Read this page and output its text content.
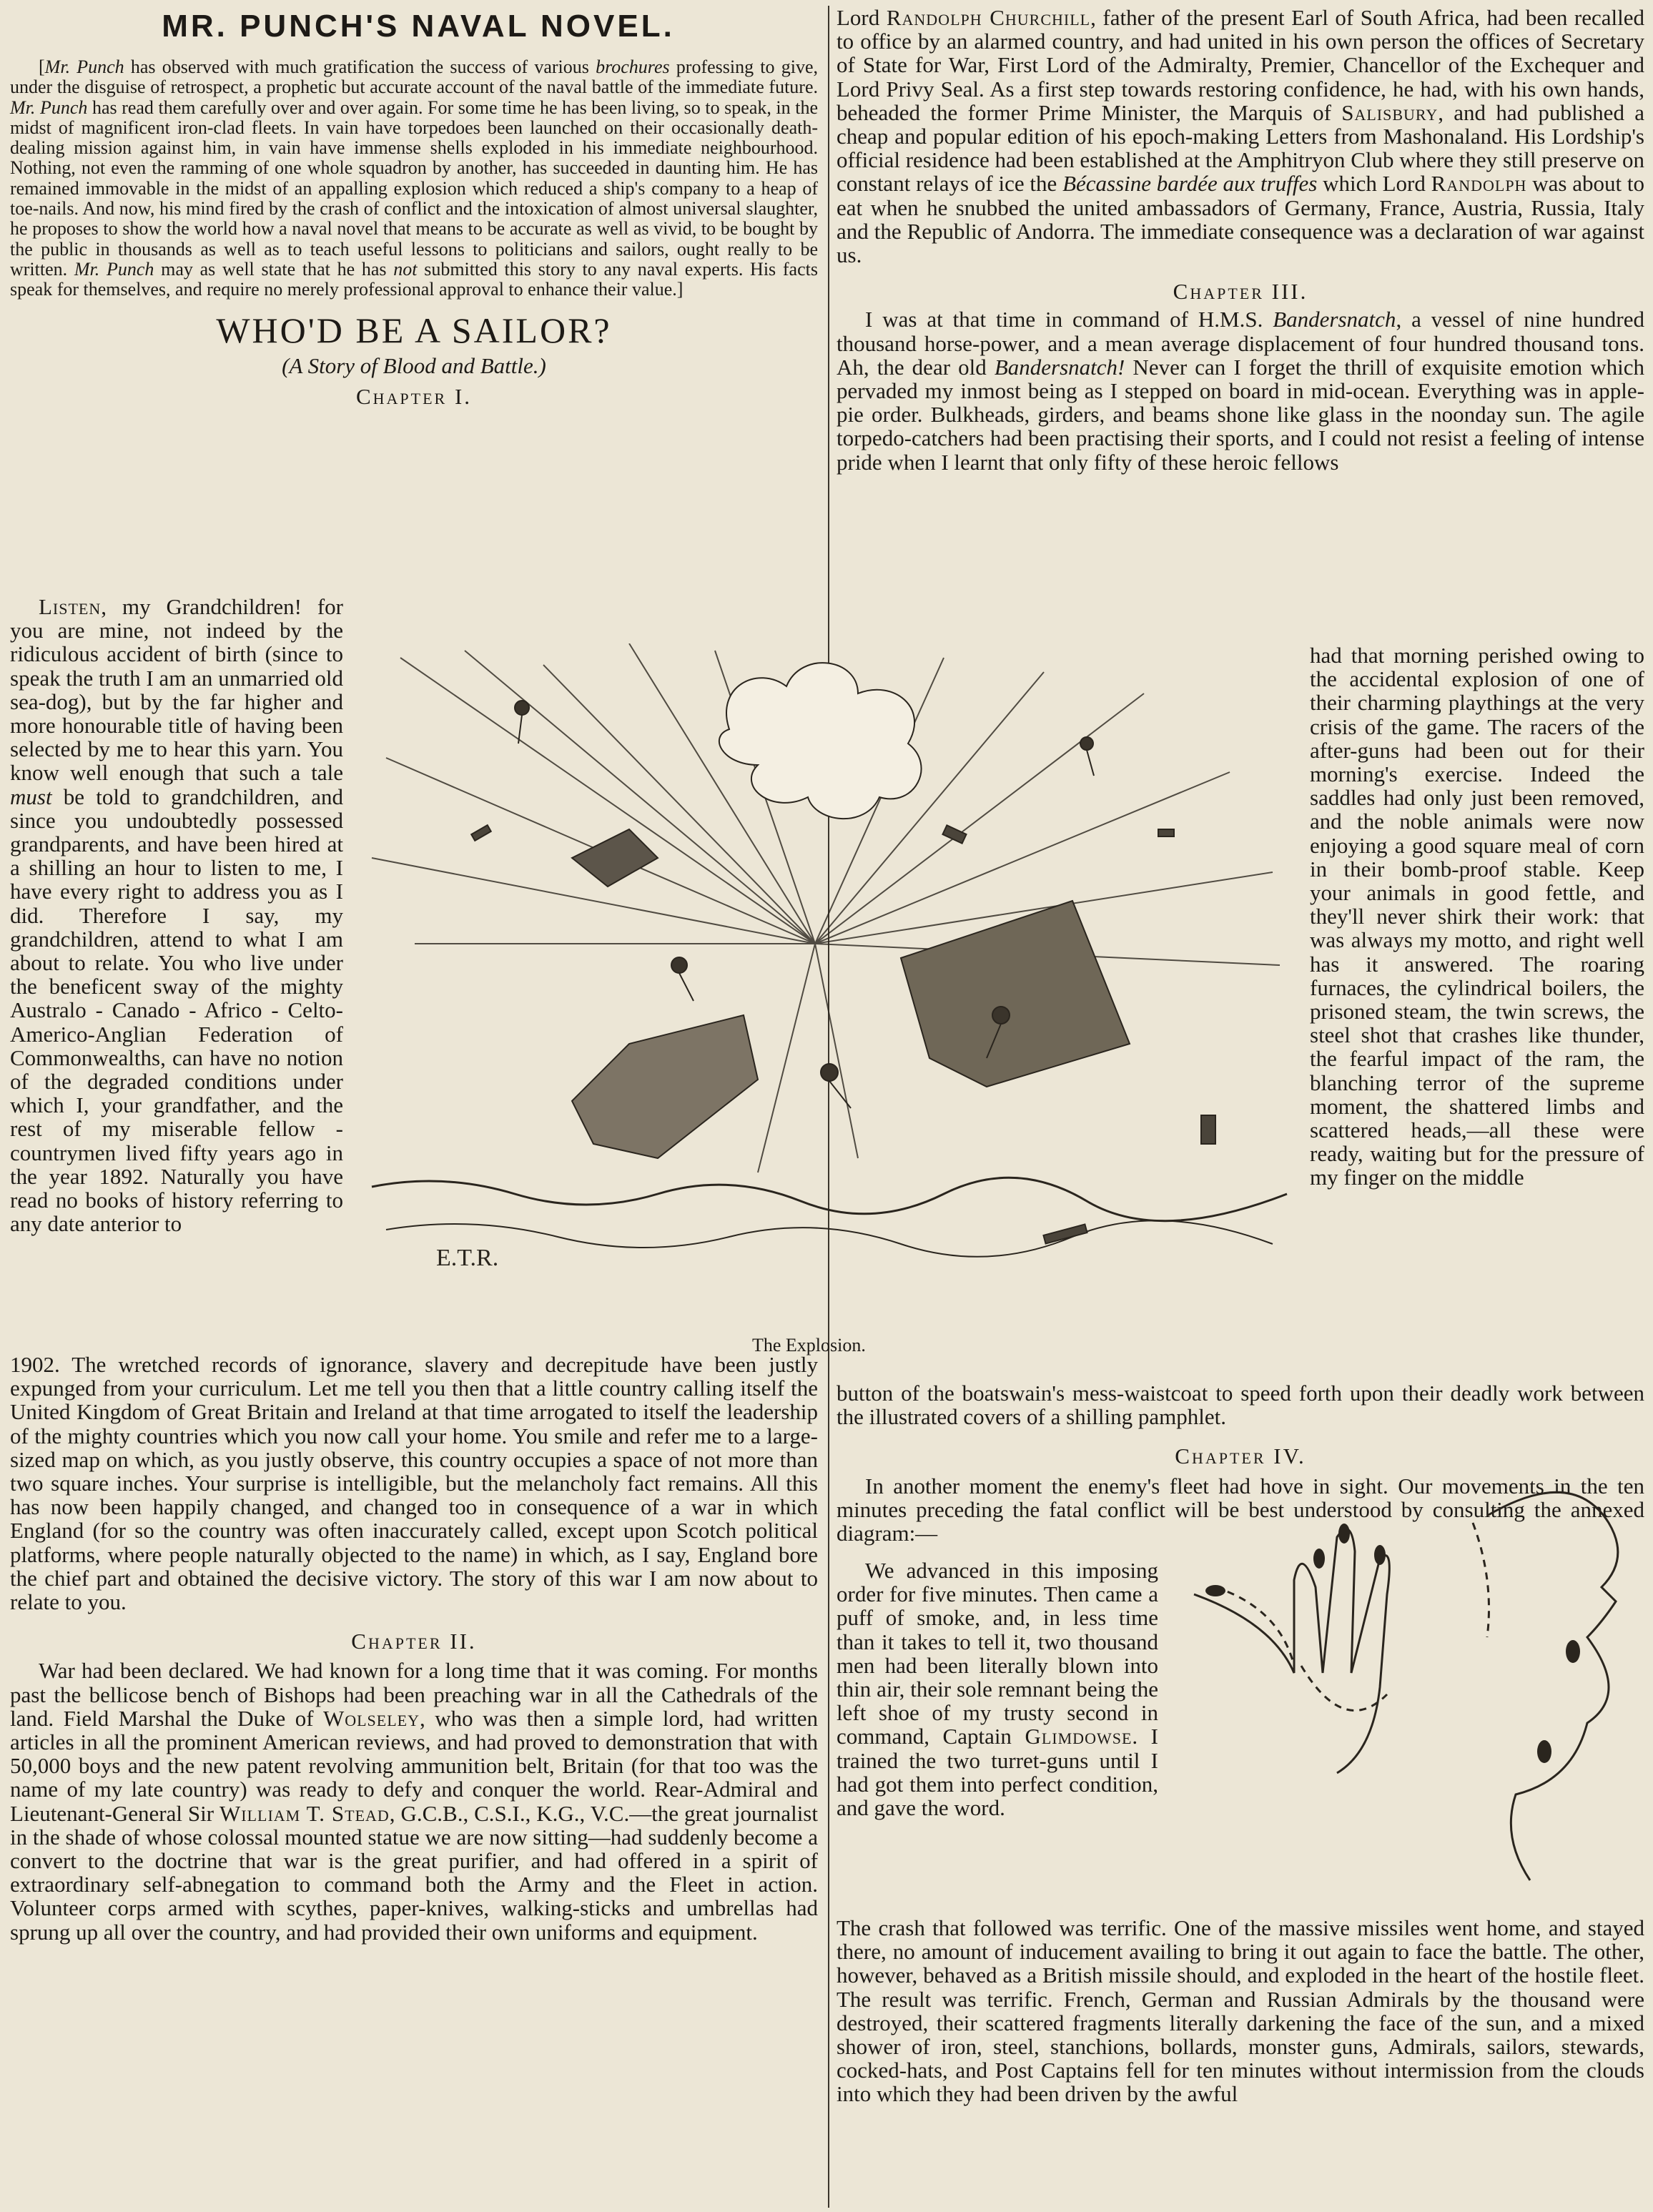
MR. PUNCH'S NAVAL NOVEL.

[Mr. Punch has observed with much gratification the success of various brochures professing to give, under the disguise of retrospect, a prophetic but accurate account of the naval battle of the immediate future. Mr. Punch has read them carefully over and over again. For some time he has been living, so to speak, in the midst of magnificent iron-clad fleets. In vain have torpedoes been launched on their occasionally death-dealing mission against him, in vain have immense shells exploded in his immediate neighbourhood. Nothing, not even the ramming of one whole squadron by another, has succeeded in daunting him. He has remained immovable in the midst of an appalling explosion which reduced a ship's company to a heap of toe-nails. And now, his mind fired by the crash of conflict and the intoxication of almost universal slaughter, he proposes to show the world how a naval novel that means to be accurate as well as vivid, to be bought by the public in thousands as well as to teach useful lessons to politicians and sailors, ought really to be written. Mr. Punch may as well state that he has not submitted this story to any naval experts. His facts speak for themselves, and require no merely professional approval to enhance their value.]

WHO'D BE A SAILOR?
(A Story of Blood and Battle.)
Chapter I.

Listen, my Grandchildren! for you are mine, not indeed by the ridiculous accident of birth (since to speak the truth I am an unmarried old sea-dog), but by the far higher and more honourable title of having been selected by me to hear this yarn. You know well enough that such a tale must be told to grandchildren, and since you undoubtedly possessed grandparents, and have been hired at a shilling an hour to listen to me, I have every right to address you as I did. Therefore I say, my grandchildren, attend to what I am about to relate. You who live under the beneficent sway of the mighty Australo - Canado - Africo - Celto-Americo-Anglian Federation of Commonwealths, can have no notion of the degraded conditions under which I, your grandfather, and the rest of my miserable fellow - countrymen lived fifty years ago in the year 1892. Naturally you have read no books of history referring to any date anterior to

1902. The wretched records of ignorance, slavery and decrepitude have been justly expunged from your curriculum. Let me tell you then that a little country calling itself the United Kingdom of Great Britain and Ireland at that time arrogated to itself the leadership of the mighty countries which you now call your home. You smile and refer me to a large-sized map on which, as you justly observe, this country occupies a space of not more than two square inches. Your surprise is intelligible, but the melancholy fact remains. All this has now been happily changed, and changed too in consequence of a war in which England (for so the country was often inaccurately called, except upon Scotch political platforms, where people naturally objected to the name) in which, as I say, England bore the chief part and obtained the decisive victory. The story of this war I am now about to relate to you.

Chapter II.

War had been declared. We had known for a long time that it was coming. For months past the bellicose bench of Bishops had been preaching war in all the Cathedrals of the land. Field Marshal the Duke of Wolseley, who was then a simple lord, had written articles in all the prominent American reviews, and had proved to demonstration that with 50,000 boys and the new patent revolving ammunition belt, Britain (for that too was the name of my late country) was ready to defy and conquer the world. Rear-Admiral and Lieutenant-General Sir William T. Stead, G.C.B., C.S.I., K.G., V.C.—the great journalist in the shade of whose colossal mounted statue we are now sitting—had suddenly become a convert to the doctrine that war is the great purifier, and had offered in a spirit of extraordinary self-abnegation to command both the Army and the Fleet in action. Volunteer corps armed with scythes, paper-knives, walking-sticks and umbrellas had sprung up all over the country, and had provided their own uniforms and equipment.

Lord Randolph Churchill, father of the present Earl of South Africa, had been recalled to office by an alarmed country, and had united in his own person the offices of Secretary of State for War, First Lord of the Admiralty, Premier, Chancellor of the Exchequer and Lord Privy Seal. As a first step towards restoring confidence, he had, with his own hands, beheaded the former Prime Minister, the Marquis of Salisbury, and had published a cheap and popular edition of his epoch-making Letters from Mashonaland. His Lordship's official residence had been established at the Amphitryon Club where they still preserve on constant relays of ice the Bécassine bardée aux truffes which Lord Randolph was about to eat when he snubbed the united ambassadors of Germany, France, Austria, Russia, Italy and the Republic of Andorra. The immediate consequence was a declaration of war against us.

Chapter III.

I was at that time in command of H.M.S. Bandersnatch, a vessel of nine hundred thousand horse-power, and a mean average displacement of four hundred thousand tons. Ah, the dear old Bandersnatch! Never can I forget the thrill of exquisite emotion which pervaded my inmost being as I stepped on board in mid-ocean. Everything was in apple-pie order. Bulkheads, girders, and beams shone like glass in the noonday sun. The agile torpedo-catchers had been practising their sports, and I could not resist a feeling of intense pride when I learnt that only fifty of these heroic fellows

had that morning perished owing to the accidental explosion of one of their charming playthings at the very crisis of the game. The racers of the after-guns had been out for their morning's exercise. Indeed the saddles had only just been removed, and the noble animals were now enjoying a good square meal of corn in their bomb-proof stable. Keep your animals in good fettle, and they'll never shirk their work: that was always my motto, and right well has it answered. The roaring furnaces, the cylindrical boilers, the prisoned steam, the twin screws, the steel shot that crashes like thunder, the fearful impact of the ram, the blanching terror of the supreme moment, the shattered limbs and scattered heads,—all these were ready, waiting but for the pressure of my finger on the middle

button of the boatswain's mess-waistcoat to speed forth upon their deadly work between the illustrated covers of a shilling pamphlet.

Chapter IV.

In another moment the enemy's fleet had hove in sight. Our movements in the ten minutes preceding the fatal conflict will be best understood by consulting the annexed diagram:—

We advanced in this imposing order for five minutes. Then came a puff of smoke, and, in less time than it takes to tell it, two thousand men had been literally blown into thin air, their sole remnant being the left shoe of my trusty second in command, Captain Glimdowse. I trained the two turret-guns until I had got them into perfect condition, and gave the word.

The crash that followed was terrific. One of the massive missiles went home, and stayed there, no amount of inducement availing to bring it out again to face the battle. The other, however, behaved as a British missile should, and exploded in the heart of the hostile fleet. The result was terrific. French, German and Russian Admirals by the thousand were destroyed, their scattered fragments literally darkening the face of the sun, and a mixed shower of iron, steel, stanchions, bollards, monster guns, Admirals, sailors, stewards, cocked-hats, and Post Captains fell for ten minutes without intermission from the clouds into which they had been driven by the awful

E.T.R.
The Explosion.
